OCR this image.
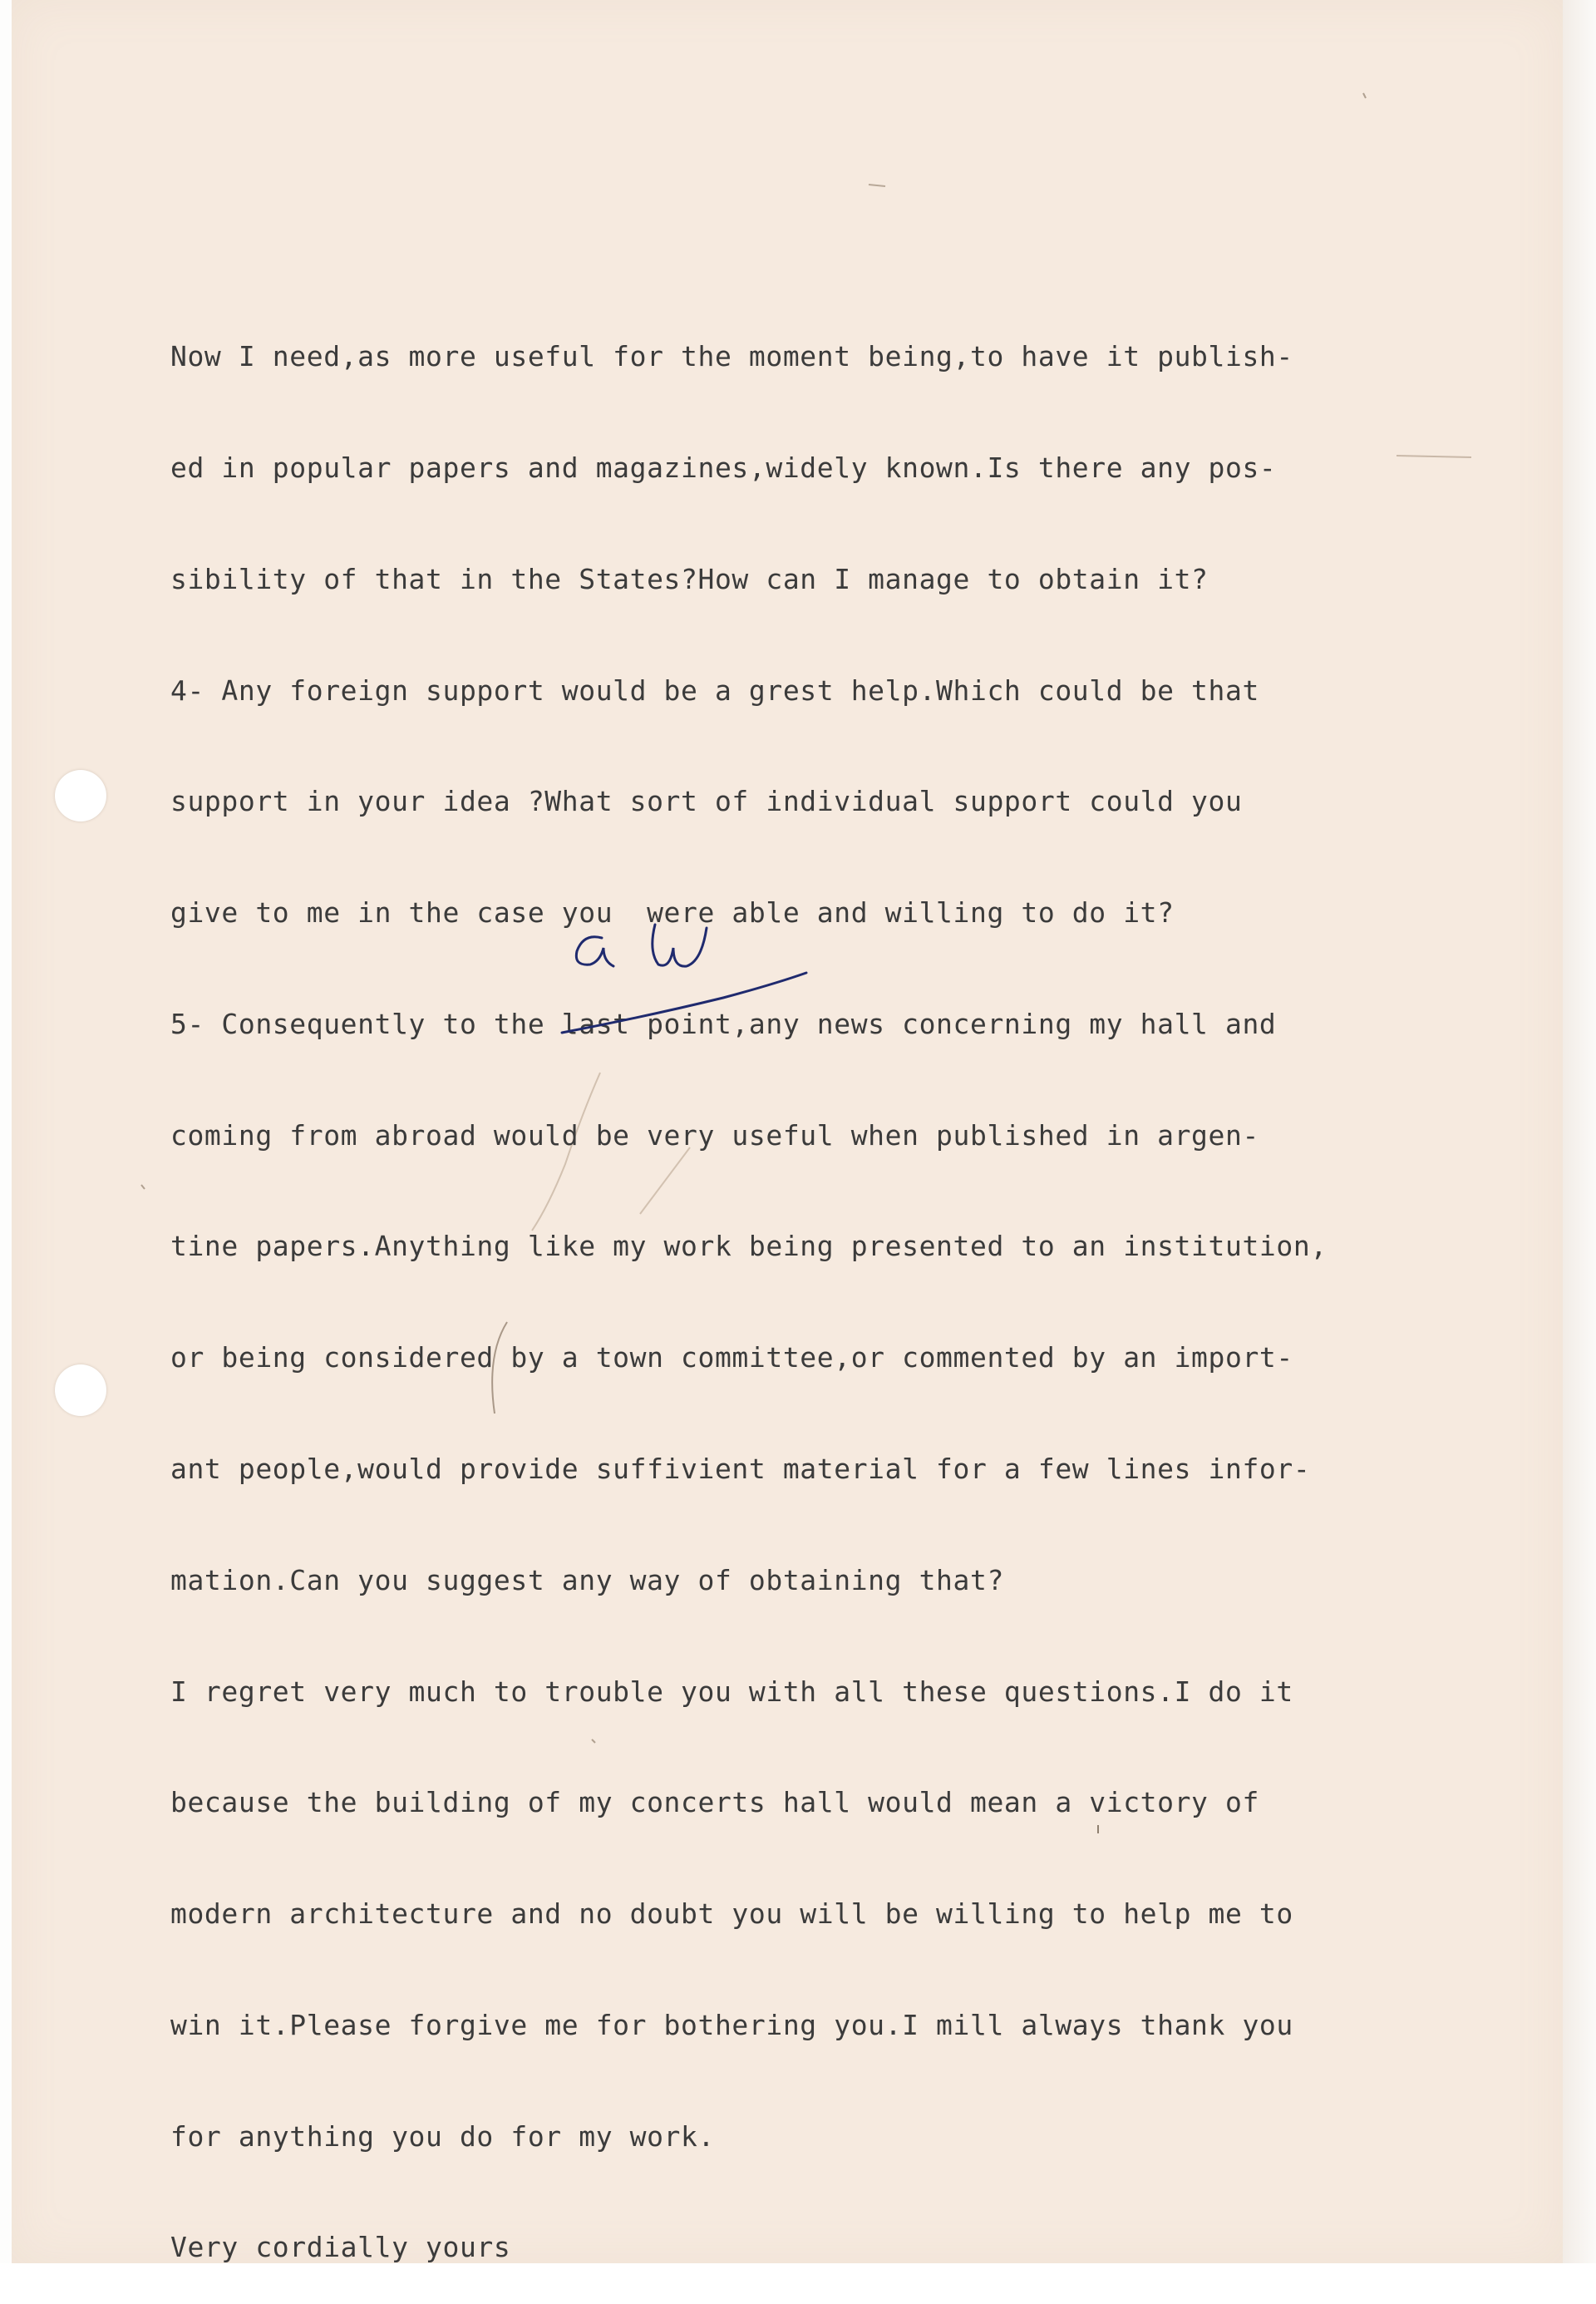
Now I need,as more useful for the moment being,to have it publish-

ed in popular papers and magazines,widely known.Is there any pos-

sibility of that in the States?How can I manage to obtain it?

4- Any foreign support would be a grest help.Which could be that

support in your idea ?What sort of individual support could you

give to me in the case you  were able and willing to do it?

5- Consequently to the last point,any news concerning my hall and

coming from abroad would be very useful when published in argen-

tine papers.Anything like my work being presented to an institution,

or being considered by a town committee,or commented by an import-

ant people,would provide suffivient material for a few lines infor-

mation.Can you suggest any way of obtaining that?

I regret very much to trouble you with all these questions.I do it

because the building of my concerts hall would mean a victory of

modern architecture and no doubt you will be willing to help me to

win it.Please forgive me for bothering you.I mill always thank you

for anything you do for my work.

Very cordially yours
